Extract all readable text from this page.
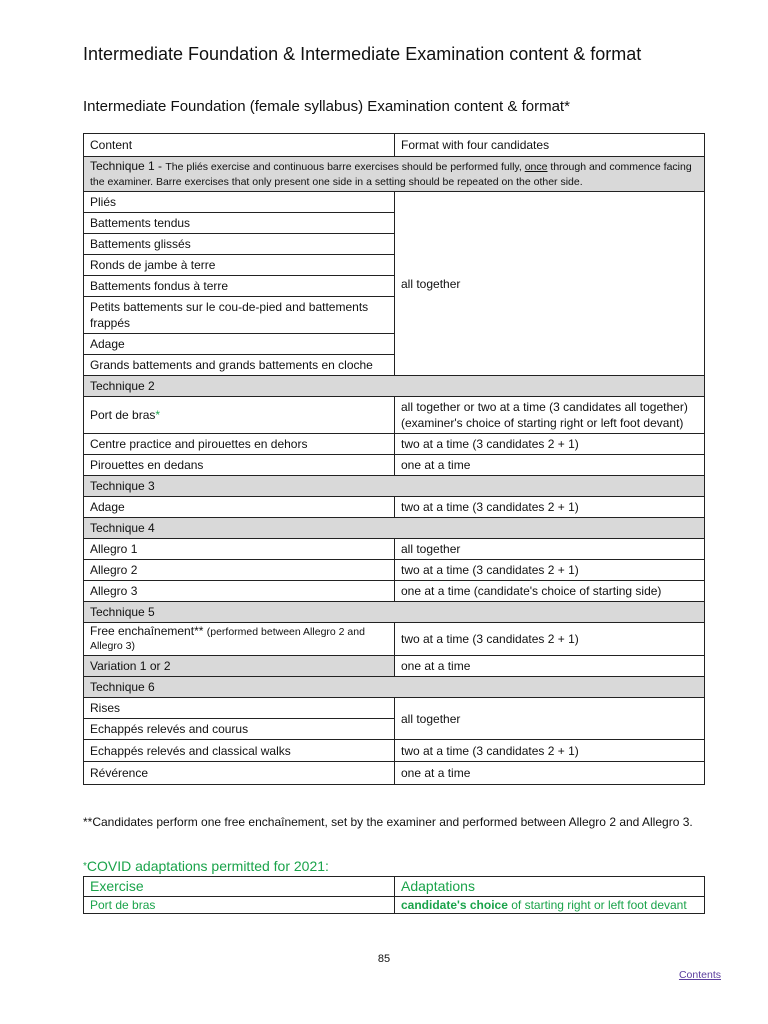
Intermediate Foundation & Intermediate Examination content & format
Intermediate Foundation (female syllabus) Examination content & format*
Content	Format with four candidates
Technique 1 - The pliés exercise and continuous barre exercises should be performed fully, once through and commence facing the examiner. Barre exercises that only present one side in a setting should be repeated on the other side.	
Pliés	all together
Battements tendus	
Battements glissés	
Ronds de jambe à terre	
Battements fondus à terre	
Petits battements sur le cou-de-pied and battements frappés	
Adage	
Grands battements and grands battements en cloche	
Technique 2	
Port de bras*	all together or two at a time (3 candidates all together) (examiner's choice of starting right or left foot devant)
Centre practice and pirouettes en dehors	two at a time (3 candidates 2 + 1)
Pirouettes en dedans	one at a time
Technique 3	
Adage	two at a time (3 candidates 2 + 1)
Technique 4	
Allegro 1	all together
Allegro 2	two at a time (3 candidates 2 + 1)
Allegro 3	one at a time (candidate's choice of starting side)
Technique 5	
Free enchaînement** (performed between Allegro 2 and Allegro 3)	two at a time (3 candidates 2 + 1)
Variation 1 or 2	one at a time
Technique 6	
Rises	all together
Echappés relevés and courus	
Echappés relevés and classical walks	two at a time (3 candidates 2 + 1)
Révérence	one at a time
**Candidates perform one free enchaînement, set by the examiner and performed between Allegro 2 and Allegro 3.
*COVID adaptations permitted for 2021:
Exercise	Adaptations
Port de bras	candidate's choice of starting right or left foot devant
85
Contents
